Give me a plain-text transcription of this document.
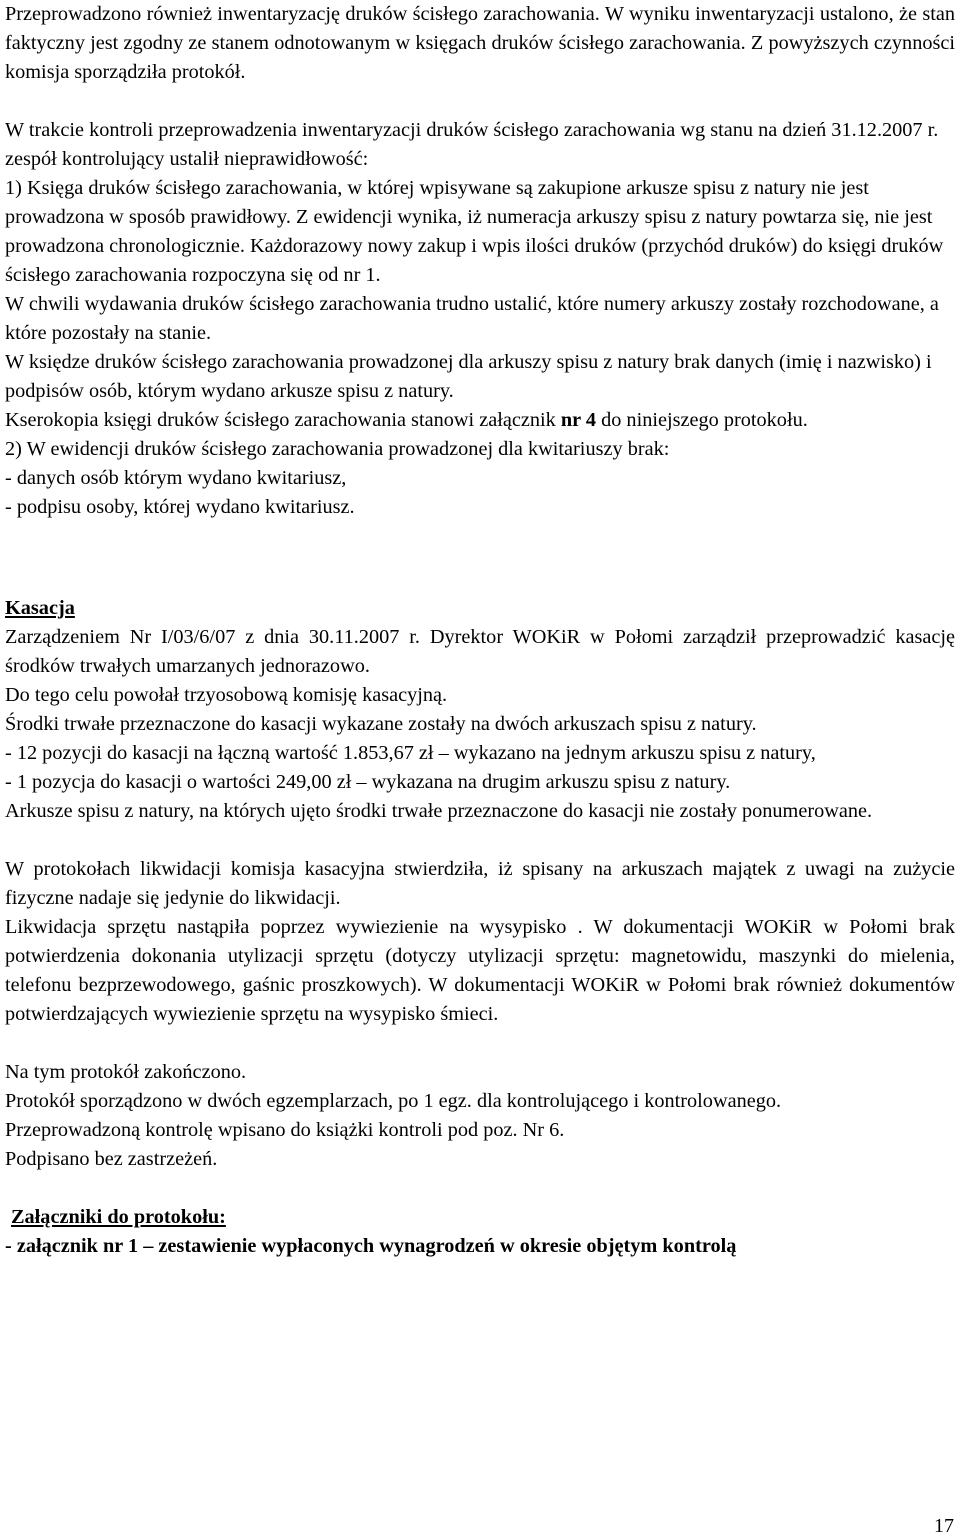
Przeprowadzono również inwentaryzację druków ścisłego zarachowania. W wyniku inwentaryzacji ustalono, że stan faktyczny jest zgodny ze stanem odnotowanym w księgach druków ścisłego zarachowania. Z powyższych czynności komisja sporządziła protokół.

W trakcie kontroli przeprowadzenia inwentaryzacji druków ścisłego zarachowania wg stanu na dzień 31.12.2007 r. zespół kontrolujący ustalił nieprawidłowość:

1) Księga druków ścisłego zarachowania, w której wpisywane są zakupione arkusze spisu z natury nie jest prowadzona w sposób prawidłowy. Z ewidencji wynika, iż numeracja arkuszy spisu z natury powtarza się, nie jest prowadzona chronologicznie. Każdorazowy nowy zakup i wpis ilości druków (przychód druków) do księgi druków ścisłego zarachowania rozpoczyna się od nr 1.

W chwili wydawania druków ścisłego zarachowania trudno ustalić, które numery arkuszy zostały rozchodowane, a które pozostały na stanie.

W księdze druków ścisłego zarachowania prowadzonej dla arkuszy spisu z natury brak danych (imię i nazwisko) i podpisów osób, którym wydano arkusze spisu z natury.

Kserokopia księgi druków ścisłego zarachowania stanowi załącznik nr 4 do niniejszego protokołu.

2) W ewidencji druków ścisłego zarachowania prowadzonej dla kwitariuszy brak:

- danych osób którym wydano kwitariusz,

- podpisu osoby, której wydano kwitariusz.

Kasacja

Zarządzeniem Nr I/03/6/07 z dnia 30.11.2007 r. Dyrektor WOKiR w Połomi zarządził przeprowadzić kasację środków trwałych umarzanych jednorazowo.

Do tego celu powołał trzyosobową komisję kasacyjną.

Środki trwałe przeznaczone do kasacji wykazane zostały na dwóch arkuszach spisu z natury.

- 12 pozycji do kasacji na łączną wartość 1.853,67 zł – wykazano na jednym arkuszu spisu z natury,

- 1 pozycja do kasacji o wartości 249,00 zł – wykazana na drugim arkuszu spisu z natury.

Arkusze spisu z natury, na których ujęto środki trwałe przeznaczone do kasacji nie zostały ponumerowane.

W protokołach likwidacji komisja kasacyjna stwierdziła, iż spisany na arkuszach majątek z uwagi na zużycie fizyczne nadaje się jedynie do likwidacji.

Likwidacja sprzętu nastąpiła poprzez wywiezienie na wysypisko . W dokumentacji WOKiR w Połomi brak potwierdzenia dokonania utylizacji sprzętu (dotyczy utylizacji sprzętu: magnetowidu, maszynki do mielenia, telefonu bezprzewodowego, gaśnic proszkowych). W dokumentacji WOKiR w Połomi brak również dokumentów potwierdzających wywiezienie sprzętu na wysypisko śmieci.

Na tym protokół zakończono.

Protokół sporządzono w dwóch egzemplarzach, po 1 egz. dla kontrolującego i kontrolowanego.

Przeprowadzoną kontrolę wpisano do książki kontroli pod poz. Nr 6.

Podpisano bez zastrzeżeń.

Załączniki do protokołu:

- załącznik nr 1 – zestawienie wypłaconych wynagrodzeń w okresie objętym kontrolą

17
